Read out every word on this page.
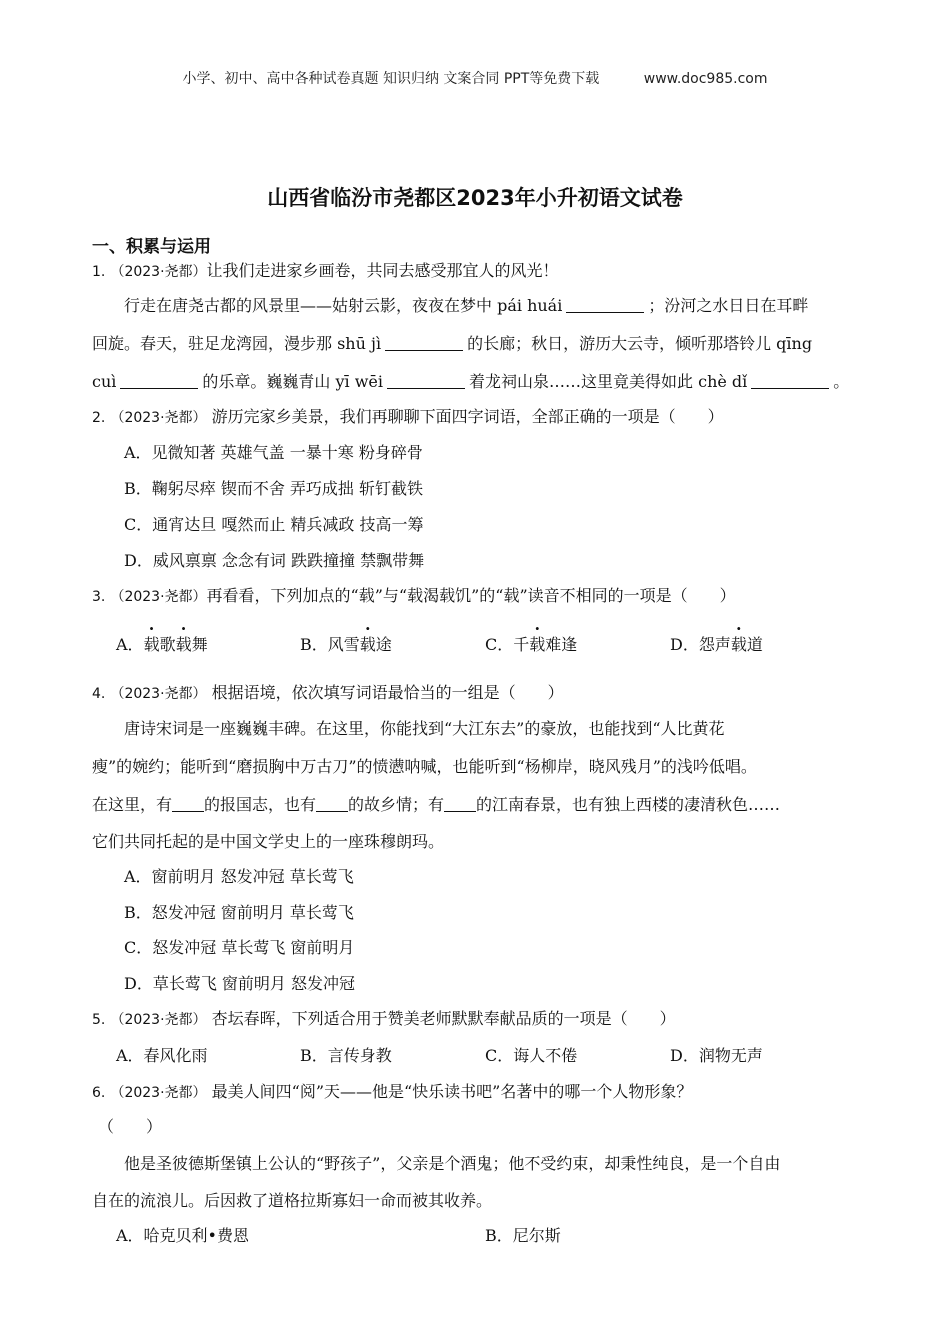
小学、初中、高中各种试卷真题 知识归纳 文案合同 PPT等免费下载	www.doc985.com
山西省临汾市尧都区2023年小升初语文试卷
一、积累与运用
1. （2023·尧都）让我们走进家乡画卷，共同去感受那宜人的风光！
行走在唐尧古都的风景里——姑射云影，夜夜在梦中 pái huái	；汾河之水日日在耳畔
回旋。春天，驻足龙湾园，漫步那 shū jì	的长廊；秋日，游历大云寺，倾听那塔铃儿 qīng
cuì	的乐章。巍巍青山 yī wēi	着龙祠山泉……这里竟美得如此 chè dǐ	。
2. （2023·尧都） 游历完家乡美景，我们再聊聊下面四字词语，全部正确的一项是（　　）
A．见微知著 英雄气盖 一暴十寒 粉身碎骨
B．鞠躬尽瘁 锲而不舍 弄巧成拙 斩钉截铁
C．通宵达旦 嘎然而止 精兵减政 技高一筹
D．威风禀禀 念念有词 跌跌撞撞 禁飘带舞
3. （2023·尧都）再看看，下列加点的“载”与“载渴载饥”的“载”读音不相同的一项是（　　）
A．载歌载舞	B．风雪载途	C．千载难逢	D．怨声载道
4. （2023·尧都） 根据语境，依次填写词语最恰当的一组是（　　）
唐诗宋词是一座巍巍丰碑。在这里，你能找到“大江东去”的豪放，也能找到“人比黄花
瘦”的婉约；能听到“磨损胸中万古刀”的愤懑呐喊，也能听到“杨柳岸，晓风残月”的浅吟低唱。
在这里，有 的报国志，也有 的故乡情；有 的江南春景，也有独上西楼的凄清秋色……
它们共同托起的是中国文学史上的一座珠穆朗玛。
A．窗前明月 怒发冲冠 草长莺飞
B．怒发冲冠 窗前明月 草长莺飞
C．怒发冲冠 草长莺飞 窗前明月
D．草长莺飞 窗前明月 怒发冲冠
5. （2023·尧都） 杏坛春晖，下列适合用于赞美老师默默奉献品质的一项是（　　）
A．春风化雨	B．言传身教	C．诲人不倦	D．润物无声
6. （2023·尧都） 最美人间四“阅”天——他是“快乐读书吧”名著中的哪一个人物形象？
（　　）
他是圣彼德斯堡镇上公认的“野孩子”，父亲是个酒鬼；他不受约束，却秉性纯良，是一个自由
自在的流浪儿。后因救了道格拉斯寡妇一命而被其收养。
A．哈克贝利•费恩	B．尼尔斯
